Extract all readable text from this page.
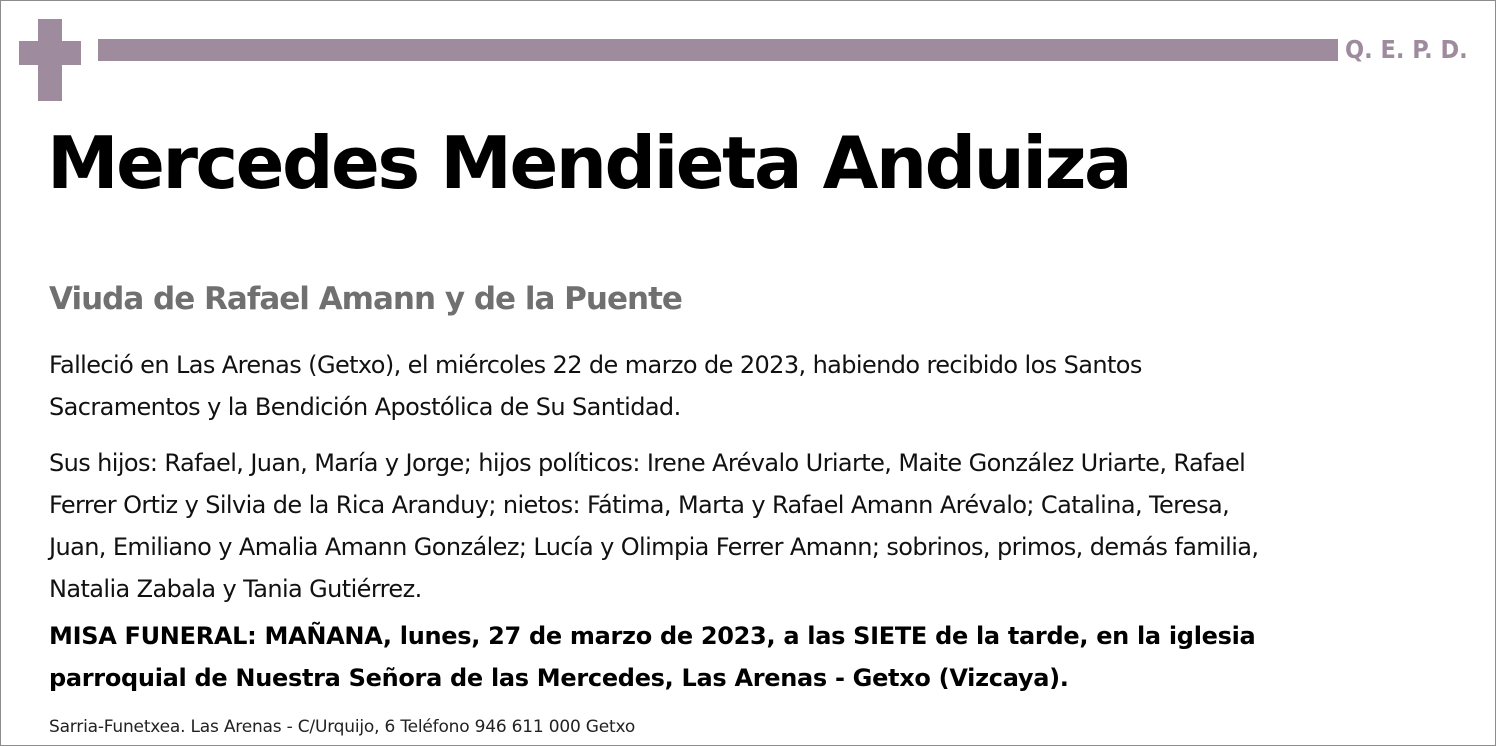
Q. E. P. D.
Mercedes Mendieta Anduiza
Viuda de Rafael Amann y de la Puente

Falleció en Las Arenas (Getxo), el miércoles 22 de marzo de 2023, habiendo recibido los Santos
Sacramentos y la Bendición Apostólica de Su Santidad.

Sus hijos: Rafael, Juan, María y Jorge; hijos políticos: Irene Arévalo Uriarte, Maite González Uriarte, Rafael
Ferrer Ortiz y Silvia de la Rica Aranduy; nietos: Fátima, Marta y Rafael Amann Arévalo; Catalina, Teresa,
Juan, Emiliano y Amalia Amann González; Lucía y Olimpia Ferrer Amann; sobrinos, primos, demás familia,
Natalia Zabala y Tania Gutiérrez.

MISA FUNERAL: MAÑANA, lunes, 27 de marzo de 2023, a las SIETE de la tarde, en la iglesia
parroquial de Nuestra Señora de las Mercedes, Las Arenas - Getxo (Vizcaya).

Sarria-Funetxea. Las Arenas - C/Urquijo, 6 Teléfono 946 611 000 Getxo
